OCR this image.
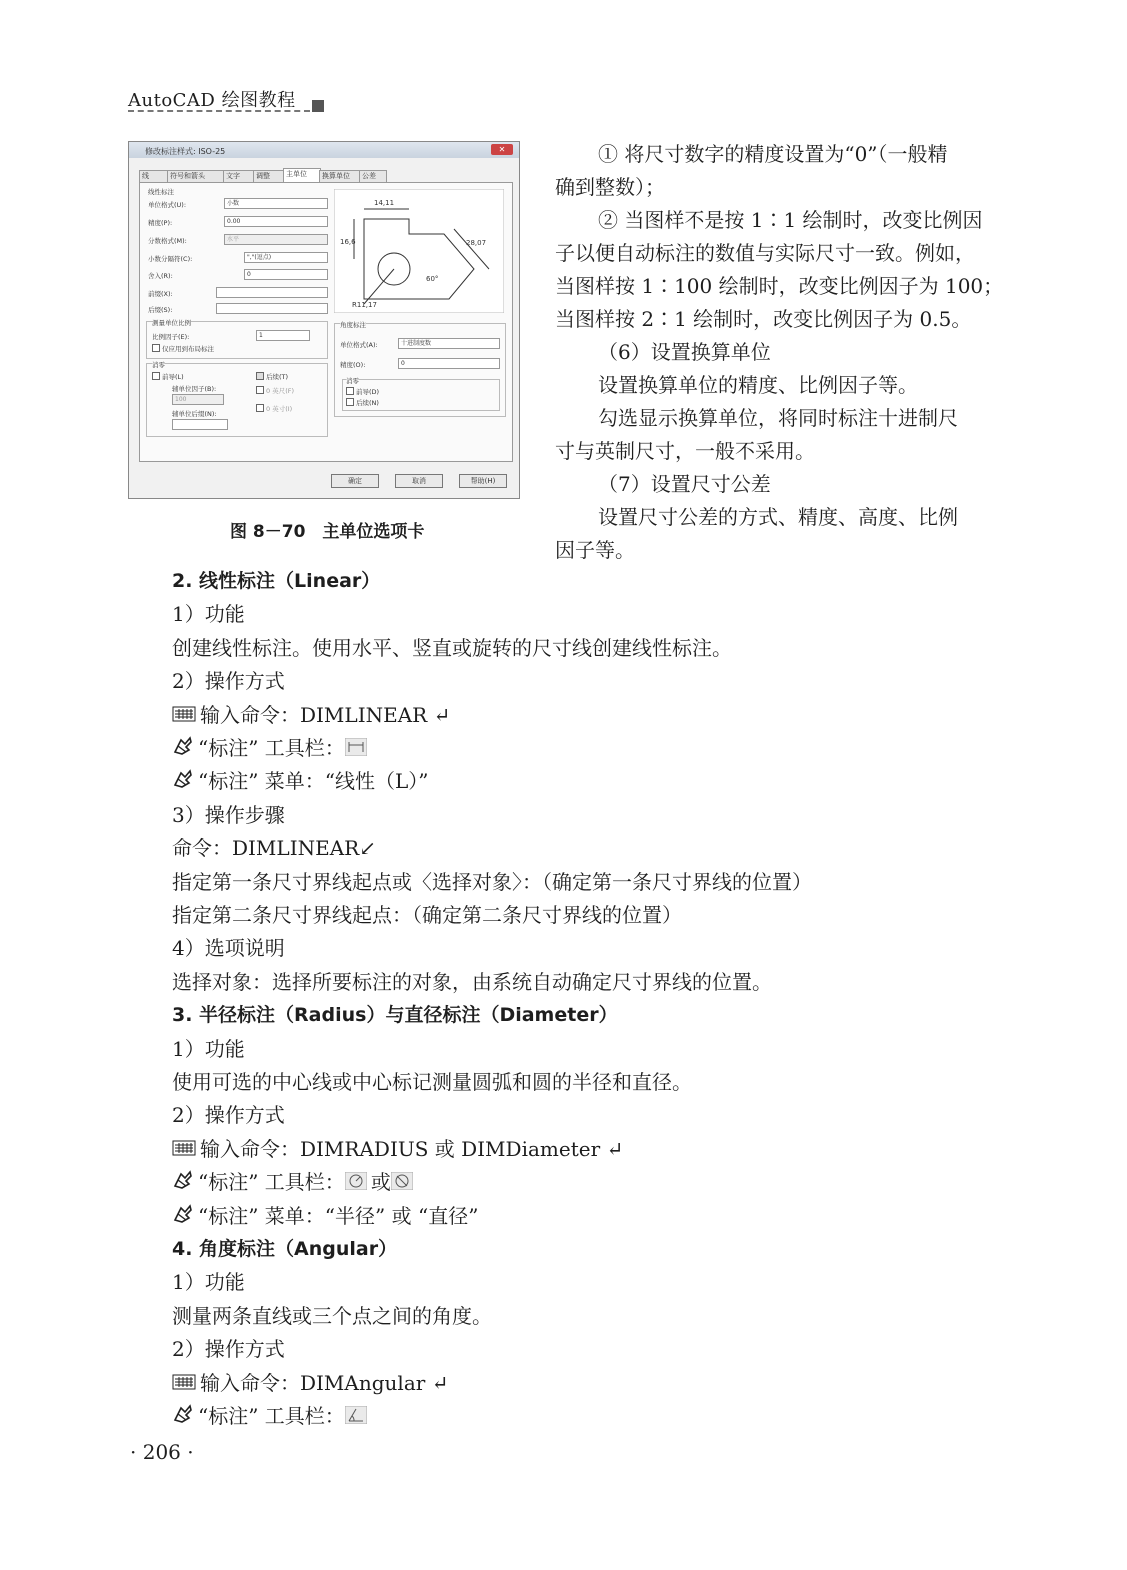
AutoCAD 绘图教程
修改标注样式: ISO-25	✕
线	符号和箭头	文字	调整	主单位	换算单位	公差
线性标注
单位格式(U):	小数
精度(P):	0.00
分数格式(M):	水平
小数分隔符(C):	","(逗点)
舍入(R):	0
前缀(X):
后缀(S):
测量单位比例
比例因子(E):	1
仅应用到布局标注
消零
前导(L)
辅单位因子(B):
100
辅单位后缀(N):
后续(T)
0 英尺(F)
0 英寸(I)
14,11
16,6	28,07
R11,17
60°
角度标注
单位格式(A):	十进制度数
精度(O):	0
消零
前导(D)
后续(N)
确定	取消	帮助(H)
图 8－70　主单位选项卡
① 将尺寸数字的精度设置为“0”（一般精
确到整数）；
② 当图样不是按 1∶1 绘制时，改变比例因
子以便自动标注的数值与实际尺寸一致。例如，
当图样按 1∶100 绘制时，改变比例因子为 100；
当图样按 2∶1 绘制时，改变比例因子为 0.5。
（6）设置换算单位
设置换算单位的精度、比例因子等。
勾选显示换算单位，将同时标注十进制尺
寸与英制尺寸，一般不采用。
（7）设置尺寸公差
设置尺寸公差的方式、精度、高度、比例
因子等。
2. 线性标注（Linear）
1）功能
创建线性标注。使用水平、竖直或旋转的尺寸线创建线性标注。
2）操作方式
输入命令：DIMLINEAR ↵
“标注” 工具栏：
“标注” 菜单：“线性（L）”
3）操作步骤
命令：DIMLINEAR↙
指定第一条尺寸界线起点或〈选择对象〉：（确定第一条尺寸界线的位置）
指定第二条尺寸界线起点：（确定第二条尺寸界线的位置）
4）选项说明
选择对象：选择所要标注的对象，由系统自动确定尺寸界线的位置。
3. 半径标注（Radius）与直径标注（Diameter）
1）功能
使用可选的中心线或中心标记测量圆弧和圆的半径和直径。
2）操作方式
输入命令：DIMRADIUS 或 DIMDiameter ↵
“标注” 工具栏： 或
“标注” 菜单：“半径” 或 “直径”
4. 角度标注（Angular）
1）功能
测量两条直线或三个点之间的角度。
2）操作方式
输入命令：DIMAngular ↵
“标注” 工具栏：
· 206 ·
